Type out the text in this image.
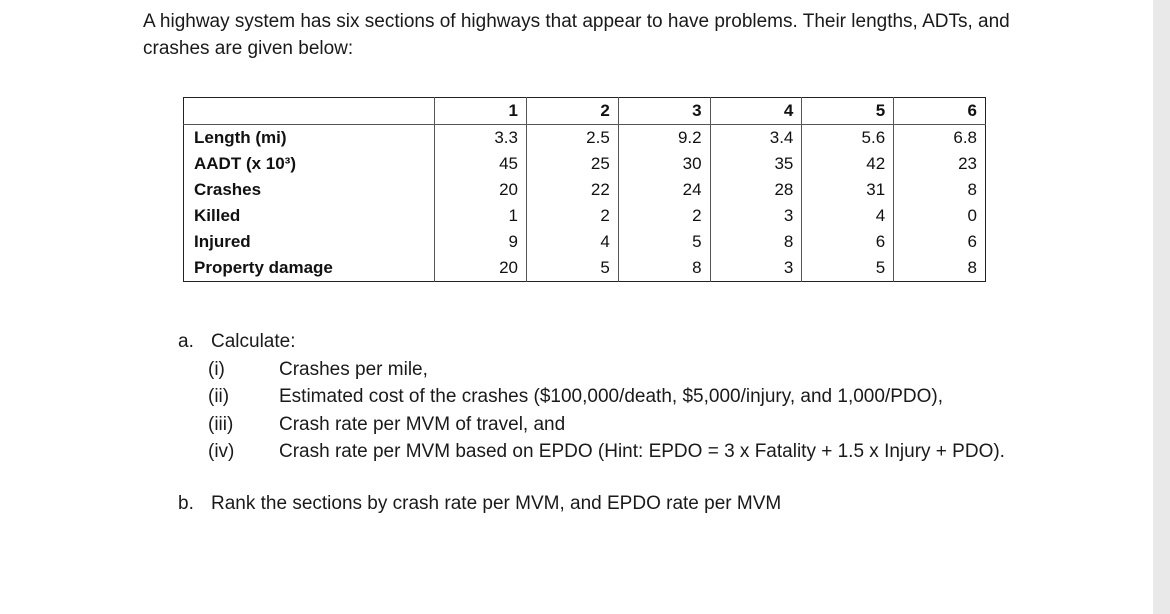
A highway system has six sections of highways that appear to have problems. Their lengths, ADTs, and
crashes are given below:
	1	2	3	4	5	6
Length (mi)	3.3	2.5	9.2	3.4	5.6	6.8
AADT (x 10³)	45	25	30	35	42	23
Crashes	20	22	24	28	31	8
Killed	1	2	2	3	4	0
Injured	9	4	5	8	6	6
Property damage	20	5	8	3	5	8
a. Calculate:
(i)	Crashes per mile,
(ii)	Estimated cost of the crashes ($100,000/death, $5,000/injury, and 1,000/PDO),
(iii)	Crash rate per MVM of travel, and
(iv)	Crash rate per MVM based on EPDO (Hint: EPDO = 3 x Fatality + 1.5 x Injury + PDO).
b. Rank the sections by crash rate per MVM, and EPDO rate per MVM
